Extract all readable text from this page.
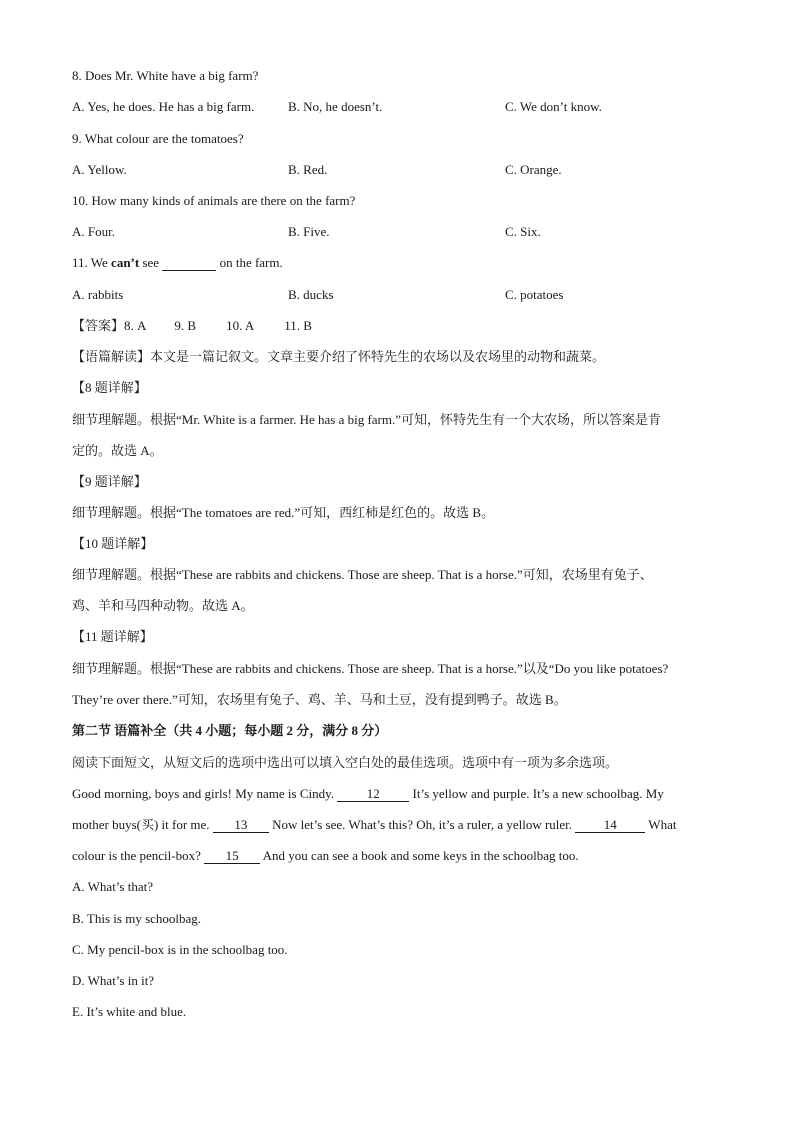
8. Does Mr. White have a big farm?
A. Yes, he does. He has a big farm.	B. No, he doesn’t.	C. We don’t know.
9. What colour are the tomatoes?
A. Yellow.	B. Red.	C. Orange.
10. How many kinds of animals are there on the farm?
A. Four.	B. Five.	C. Six.
11. We can’t see	on the farm.
A. rabbits	B. ducks	C. potatoes
【答案】8. A 9. B 10. A 11. B
【语篇解读】本文是一篇记叙文。文章主要介绍了怀特先生的农场以及农场里的动物和蔬菜。
【8 题详解】
细节理解题。根据“Mr. White is a farmer. He has a big farm.”可知，怀特先生有一个大农场，所以答案是肯
定的。故选 A。
【9 题详解】
细节理解题。根据“The tomatoes are red.”可知，西红柿是红色的。故选 B。
【10 题详解】
细节理解题。根据“These are rabbits and chickens. Those are sheep. That is a horse.”可知，农场里有兔子、
鸡、羊和马四种动物。故选 A。
【11 题详解】
细节理解题。根据“These are rabbits and chickens. Those are sheep. That is a horse.”以及“Do you like potatoes?
They’re over there.”可知，农场里有兔子、鸡、羊、马和土豆，没有提到鸭子。故选 B。
第二节 语篇补全（共 4 小题；每小题 2 分，满分 8 分）
阅读下面短文，从短文后的选项中选出可以填入空白处的最佳选项。选项中有一项为多余选项。
Good morning, boys and girls! My name is Cindy. 12 It’s yellow and purple. It’s a new schoolbag. My
mother buys(买) it for me. 13 Now let’s see. What’s this? Oh, it’s a ruler, a yellow ruler. 14 What
colour is the pencil-box? 15 And you can see a book and some keys in the schoolbag too.
A. What’s that?
B. This is my schoolbag.
C. My pencil-box is in the schoolbag too.
D. What’s in it?
E. It’s white and blue.
